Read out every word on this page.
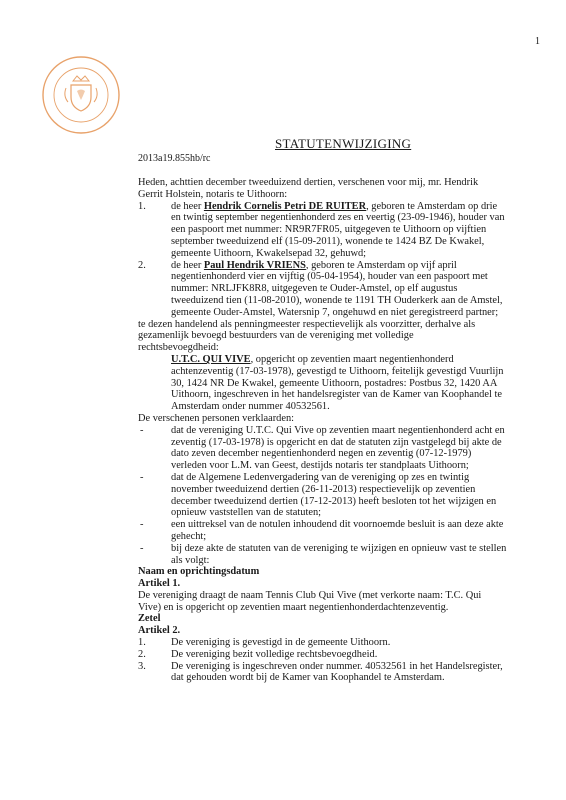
1
STATUTENWIJZIGING
2013a19.855hb/rc
Heden, achttien december tweeduizend dertien, verschenen voor mij, mr. Hendrik
Gerrit Holstein, notaris te Uithoorn:
1.	de heer Hendrik Cornelis Petri DE RUITER, geboren te Amsterdam op drie
en twintig september negentienhonderd zes en veertig (23-09-1946), houder van
een paspoort met nummer: NR9R7FR05, uitgegeven te Uithoorn op vijftien
september tweeduizend elf (15-09-2011), wonende te 1424 BZ De Kwakel,
gemeente Uithoorn, Kwakelsepad 32, gehuwd;
2.	de heer Paul Hendrik VRIENS, geboren te Amsterdam op vijf april
negentienhonderd vier en vijftig (05-04-1954), houder van een paspoort met
nummer: NRLJFK8R8, uitgegeven te Ouder-Amstel, op elf augustus
tweeduizend tien (11-08-2010), wonende te 1191 TH Ouderkerk aan de Amstel,
gemeente Ouder-Amstel, Watersnip 7, ongehuwd en niet geregistreerd partner;
te dezen handelend als penningmeester respectievelijk als voorzitter, derhalve als
gezamenlijk bevoegd bestuurders van de vereniging met volledige
rechtsbevoegdheid:
U.T.C. QUI VIVE, opgericht op zeventien maart negentienhonderd
achtenzeventig (17-03-1978), gevestigd te Uithoorn, feitelijk gevestigd Vuurlijn
30, 1424 NR De Kwakel, gemeente Uithoorn, postadres: Postbus 32, 1420 AA
Uithoorn, ingeschreven in het handelsregister van de Kamer van Koophandel te
Amsterdam onder nummer 40532561.
De verschenen personen verklaarden:
-	dat de vereniging U.T.C. Qui Vive op zeventien maart negentienhonderd acht en
zeventig (17-03-1978) is opgericht en dat de statuten zijn vastgelegd bij akte de
dato zeven december negentienhonderd negen en zeventig (07-12-1979)
verleden voor L.M. van Geest, destijds notaris ter standplaats Uithoorn;
-	dat de Algemene Ledenvergadering van de vereniging op zes en twintig
november tweeduizend dertien (26-11-2013) respectievelijk op zeventien
december tweeduizend dertien (17-12-2013) heeft besloten tot het wijzigen en
opnieuw vaststellen van de statuten;
-	een uittreksel van de notulen inhoudend dit voornoemde besluit is aan deze akte
gehecht;
-	bij deze akte de statuten van de vereniging te wijzigen en opnieuw vast te stellen
als volgt:
Naam en oprichtingsdatum
Artikel 1.
De vereniging draagt de naam Tennis Club Qui Vive (met verkorte naam: T.C. Qui
Vive) en is opgericht op zeventien maart negentienhonderdachtenzeventig.
Zetel
Artikel 2.
1.	De vereniging is gevestigd in de gemeente Uithoorn.
2.	De vereniging bezit volledige rechtsbevoegdheid.
3.	De vereniging is ingeschreven onder nummer. 40532561 in het Handelsregister,
dat gehouden wordt bij de Kamer van Koophandel te Amsterdam.
